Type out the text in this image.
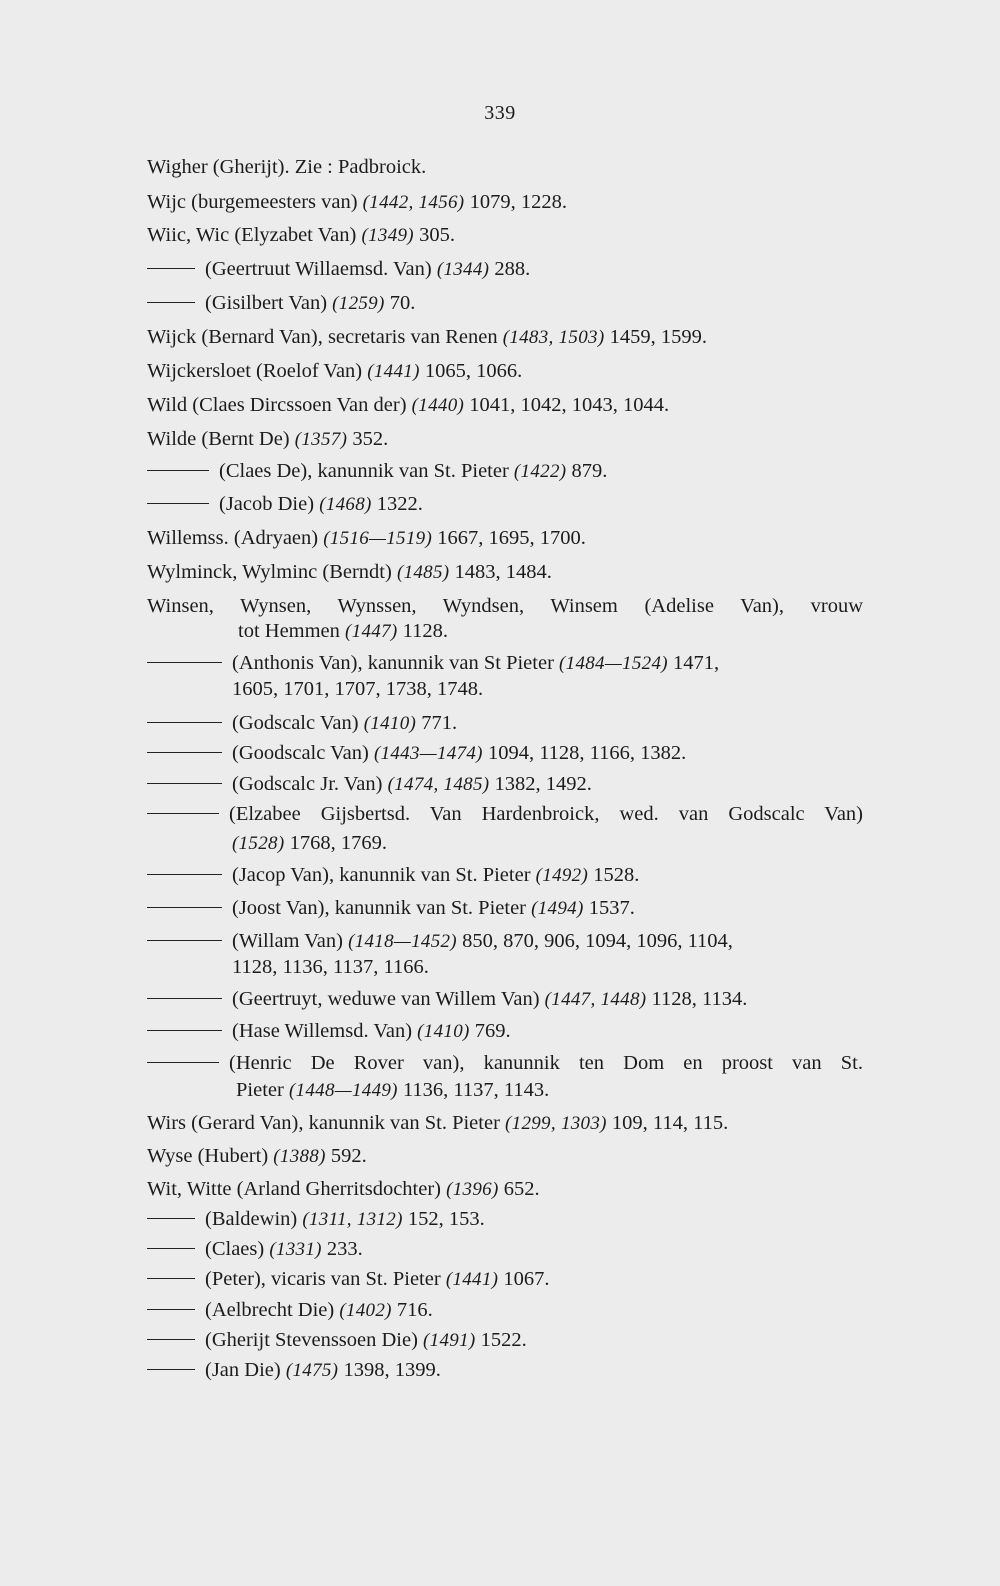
339
Wigher (Gherijt). Zie : Padbroick.
Wijc (burgemeesters van) (1442, 1456) 1079, 1228.
Wiic, Wic (Elyzabet Van) (1349) 305.
(Geertruut Willaemsd. Van) (1344) 288.
(Gisilbert Van) (1259) 70.
Wijck (Bernard Van), secretaris van Renen (1483, 1503) 1459, 1599.
Wijckersloet (Roelof Van) (1441) 1065, 1066.
Wild (Claes Dircssoen Van der) (1440) 1041, 1042, 1043, 1044.
Wilde (Bernt De) (1357) 352.
(Claes De), kanunnik van St. Pieter (1422) 879.
(Jacob Die) (1468) 1322.
Willemss. (Adryaen) (1516—1519) 1667, 1695, 1700.
Wylminck, Wylminc (Berndt) (1485) 1483, 1484.
Winsen, Wynsen, Wynssen, Wyndsen, Winsem (Adelise Van), vrouw
tot Hemmen (1447) 1128.
(Anthonis Van), kanunnik van St Pieter (1484—1524) 1471,
1605, 1701, 1707, 1738, 1748.
(Godscalc Van) (1410) 771.
(Goodscalc Van) (1443—1474) 1094, 1128, 1166, 1382.
(Godscalc Jr. Van) (1474, 1485) 1382, 1492.
(Elzabee Gijsbertsd. Van Hardenbroick, wed. van Godscalc Van)
(1528) 1768, 1769.
(Jacop Van), kanunnik van St. Pieter (1492) 1528.
(Joost Van), kanunnik van St. Pieter (1494) 1537.
(Willam Van) (1418—1452) 850, 870, 906, 1094, 1096, 1104,
1128, 1136, 1137, 1166.
(Geertruyt, weduwe van Willem Van) (1447, 1448) 1128, 1134.
(Hase Willemsd. Van) (1410) 769.
(Henric De Rover van), kanunnik ten Dom en proost van St.
Pieter (1448—1449) 1136, 1137, 1143.
Wirs (Gerard Van), kanunnik van St. Pieter (1299, 1303) 109, 114, 115.
Wyse (Hubert) (1388) 592.
Wit, Witte (Arland Gherritsdochter) (1396) 652.
(Baldewin) (1311, 1312) 152, 153.
(Claes) (1331) 233.
(Peter), vicaris van St. Pieter (1441) 1067.
(Aelbrecht Die) (1402) 716.
(Gherijt Stevenssoen Die) (1491) 1522.
(Jan Die) (1475) 1398, 1399.
